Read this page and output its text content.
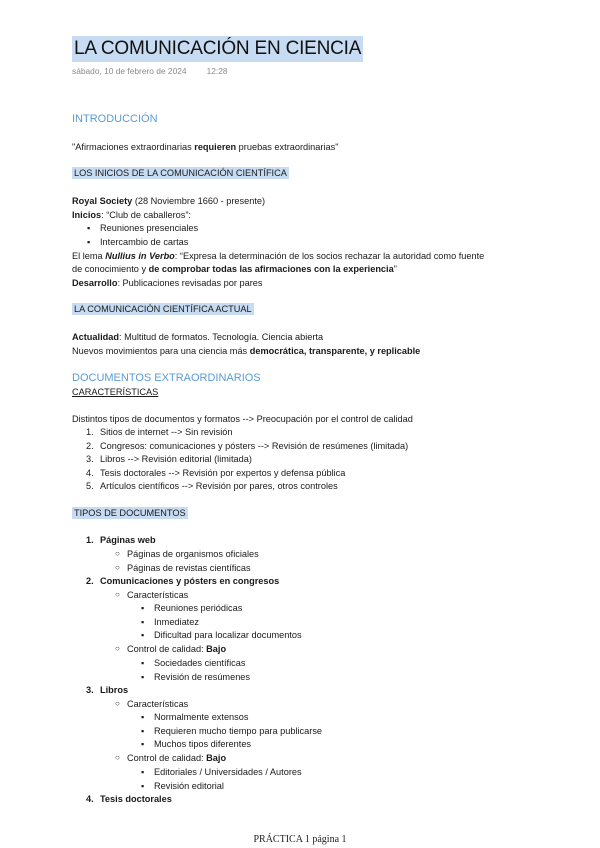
LA COMUNICACIÓN EN CIENCIA
sábado, 10 de febrero de 2024 12:28
INTRODUCCIÓN
"Afirmaciones extraordinarias requieren pruebas extraordinarias"
LOS INICIOS DE LA COMUNICACIÓN CIENTÍFICA
Royal Society (28 Noviembre 1660 - presente)
Inicios: “Club de caballeros”:
▪ Reuniones presenciales
▪ Intercambio de cartas
El lema Nullius in Verbo: “Expresa la determinación de los socios rechazar la autoridad como fuente
de conocimiento y de comprobar todas las afirmaciones con la experiencia”
Desarrollo: Publicaciones revisadas por pares
LA COMUNICACIÓN CIENTÍFICA ACTUAL
Actualidad: Multitud de formatos. Tecnología. Ciencia abierta
Nuevos movimientos para una ciencia más democrática, transparente, y replicable
DOCUMENTOS EXTRAORDINARIOS
CARACTERÍSTICAS
Distintos tipos de documentos y formatos --> Preocupación por el control de calidad
1. Sitios de internet --> Sin revisión
2. Congresos: comunicaciones y pósters --> Revisión de resúmenes (limitada)
3. Libros --> Revisión editorial (limitada)
4. Tesis doctorales --> Revisión por expertos y defensa pública
5. Artículos científicos --> Revisión por pares, otros controles
TIPOS DE DOCUMENTOS
1. Páginas web
○ Páginas de organismos oficiales
○ Páginas de revistas científicas
2. Comunicaciones y pósters en congresos
○ Características
▪ Reuniones periódicas
▪ Inmediatez
▪ Dificultad para localizar documentos
○ Control de calidad: Bajo
▪ Sociedades científicas
▪ Revisión de resúmenes
3. Libros
○ Características
▪ Normalmente extensos
▪ Requieren mucho tiempo para publicarse
▪ Muchos tipos diferentes
○ Control de calidad: Bajo
▪ Editoriales / Universidades / Autores
▪ Revisión editorial
4. Tesis doctorales
PRÁCTICA 1 página 1
